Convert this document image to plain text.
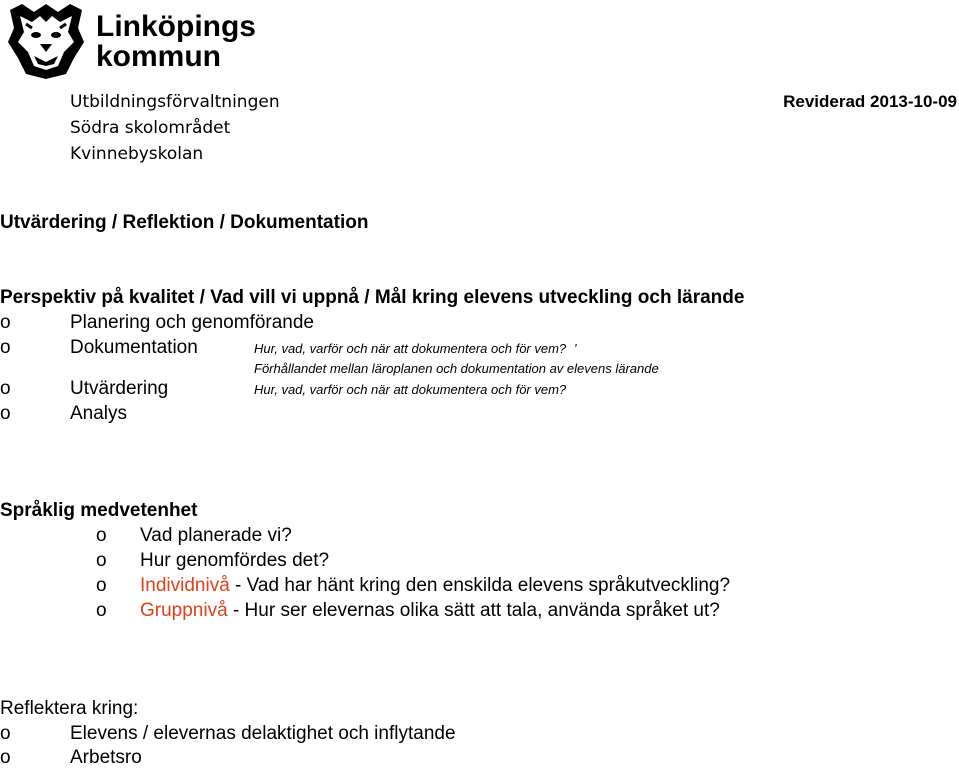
Linköpings
kommun
Utbildningsförvaltningen
Södra skolområdet
Kvinnebyskolan
Reviderad 2013-10-09
Utvärdering / Reflektion / Dokumentation
Perspektiv på kvalitet / Vad vill vi uppnå / Mål kring elevens utveckling och lärande
o	Planering och genomförande
o	Dokumentation	Hur, vad, varför och när att dokumentera och för vem? ’
Förhållandet mellan läroplanen och dokumentation av elevens lärande
o	Utvärdering	Hur, vad, varför och när att dokumentera och för vem?
o	Analys
Språklig medvetenhet
o Vad planerade vi?
o Hur genomfördes det?
o Individnivå - Vad har hänt kring den enskilda elevens språkutveckling?
o Gruppnivå - Hur ser elevernas olika sätt att tala, använda språket ut?
Reflektera kring:
o	Elevens / elevernas delaktighet och inflytande
o	Arbetsro
